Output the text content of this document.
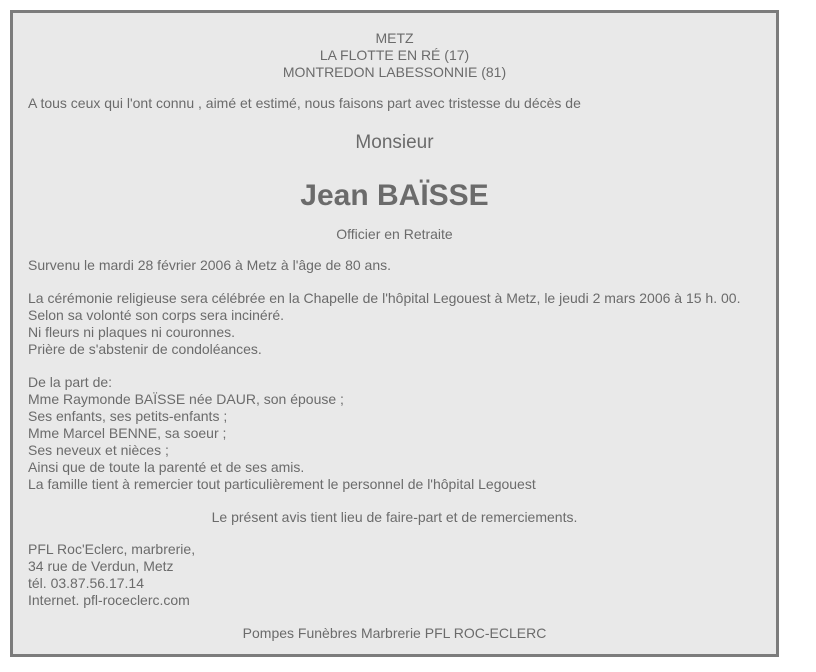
METZ
LA FLOTTE EN RÉ (17)
MONTREDON LABESSONNIE (81)
A tous ceux qui l'ont connu , aimé et estimé, nous faisons part avec tristesse du décès de
Monsieur
Jean BAÏSSE
Officier en Retraite
Survenu le mardi 28 février 2006 à Metz à l'âge de 80 ans.
La cérémonie religieuse sera célébrée en la Chapelle de l'hôpital Legouest à Metz, le jeudi 2 mars 2006 à 15 h. 00.
Selon sa volonté son corps sera incinéré.
Ni fleurs ni plaques ni couronnes.
Prière de s'abstenir de condoléances.
De la part de:
Mme Raymonde BAÏSSE née DAUR, son épouse ;
Ses enfants, ses petits-enfants ;
Mme Marcel BENNE, sa soeur ;
Ses neveux et nièces ;
Ainsi que de toute la parenté et de ses amis.
La famille tient à remercier tout particulièrement le personnel de l'hôpital Legouest
Le présent avis tient lieu de faire-part et de remerciements.
PFL Roc'Eclerc, marbrerie,
34 rue de Verdun, Metz
tél. 03.87.56.17.14
Internet. pfl-roceclerc.com
Pompes Funèbres Marbrerie PFL ROC-ECLERC
